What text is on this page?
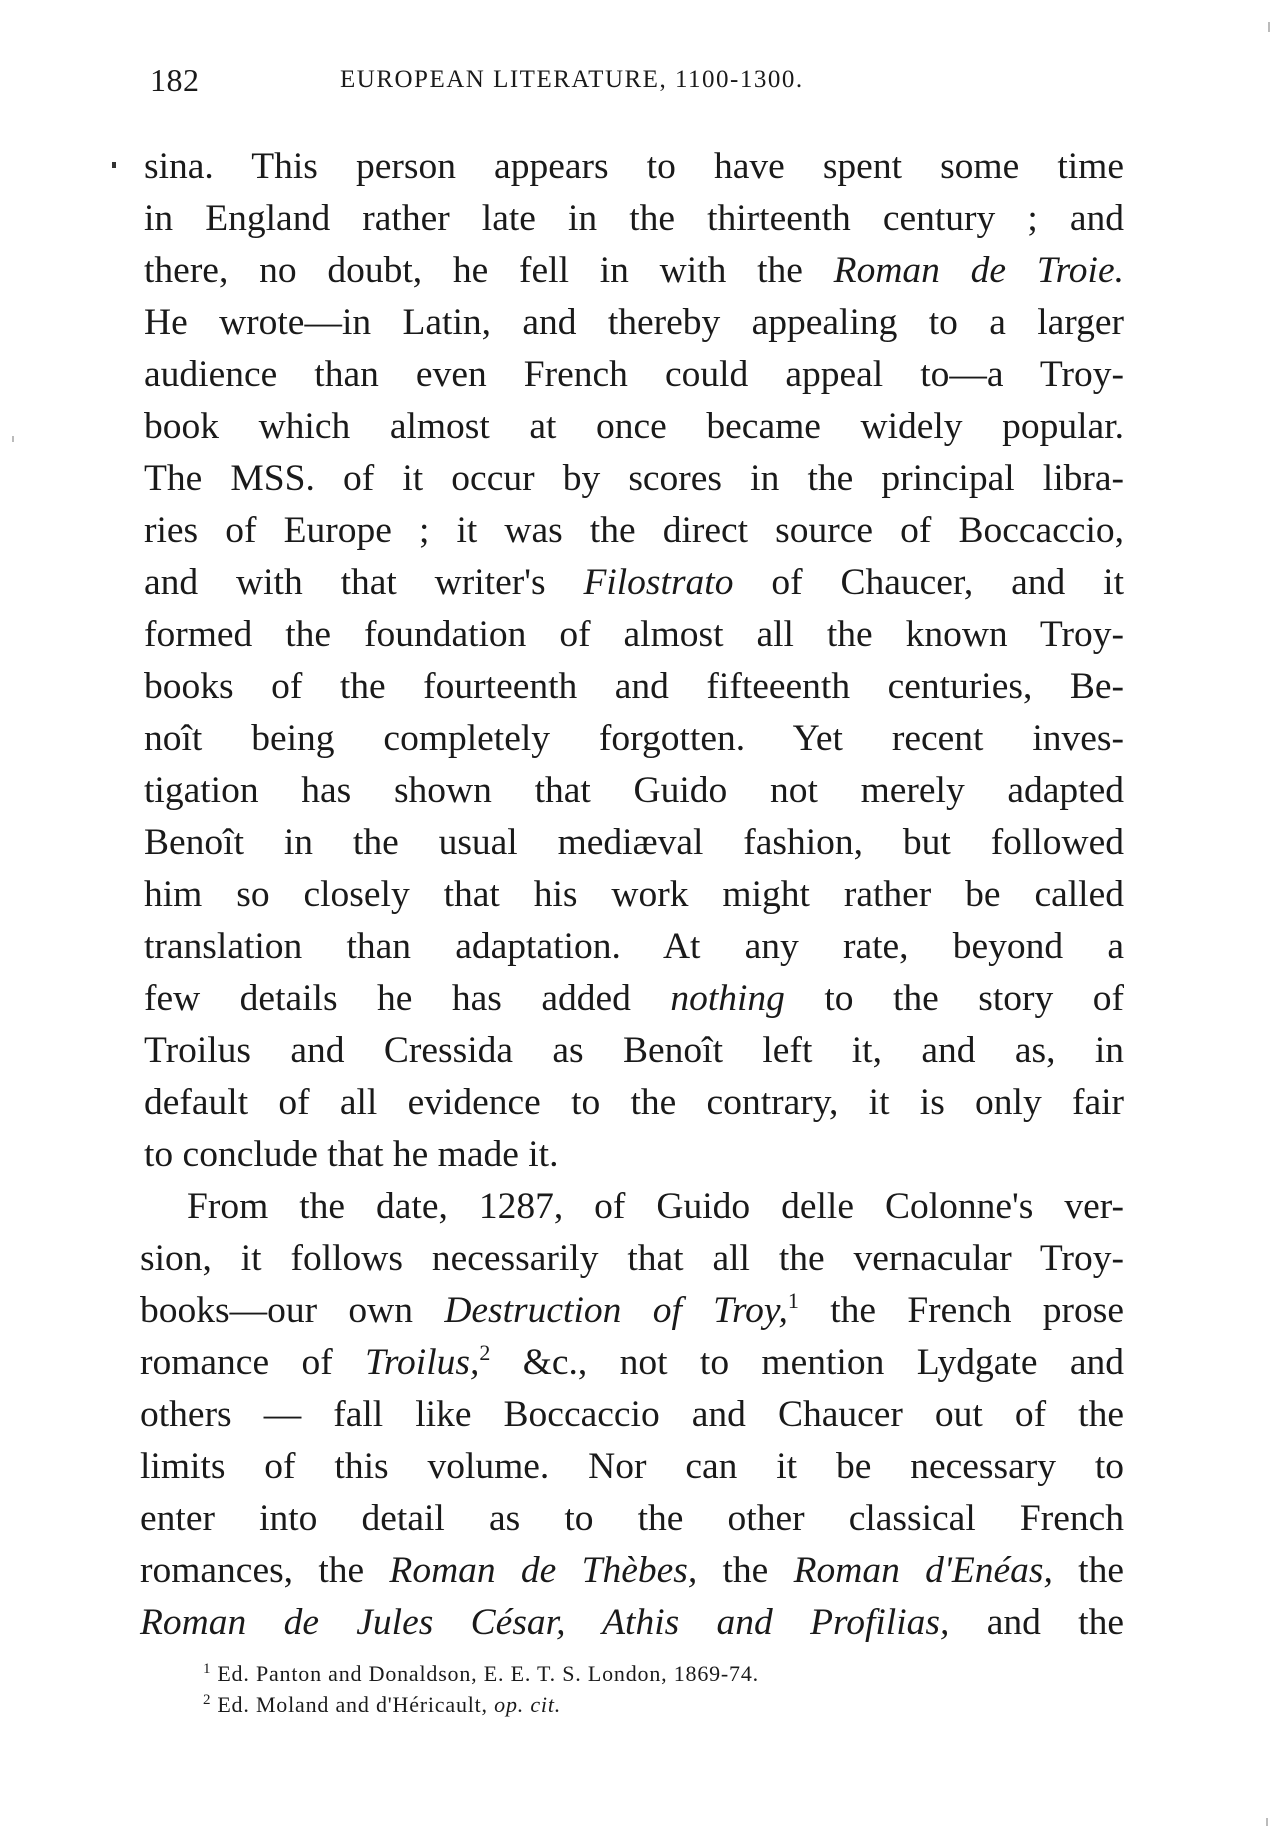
182	EUROPEAN LITERATURE, 1100-1300.
sina. This person appears to have spent some time
in England rather late in the thirteenth century ; and
there, no doubt, he fell in with the Roman de Troie.
He wrote—in Latin, and thereby appealing to a larger
audience than even French could appeal to—a Troy-
book which almost at once became widely popular.
The MSS. of it occur by scores in the principal libra-
ries of Europe ; it was the direct source of Boccaccio,
and with that writer's Filostrato of Chaucer, and it
formed the foundation of almost all the known Troy-
books of the fourteenth and fifteeenth centuries, Be-
noît being completely forgotten. Yet recent inves-
tigation has shown that Guido not merely adapted
Benoît in the usual mediæval fashion, but followed
him so closely that his work might rather be called
translation than adaptation. At any rate, beyond a
few details he has added nothing to the story of
Troilus and Cressida as Benoît left it, and as, in
default of all evidence to the contrary, it is only fair
to conclude that he made it.
From the date, 1287, of Guido delle Colonne's ver-
sion, it follows necessarily that all the vernacular Troy-
books—our own Destruction of Troy,$^1$ the French prose
romance of Troilus,$^2$ &c., not to mention Lydgate and
others — fall like Boccaccio and Chaucer out of the
limits of this volume. Nor can it be necessary to
enter into detail as to the other classical French
romances, the Roman de Thèbes, the Roman d'Enéas, the
Roman de Jules César, Athis and Profilias, and the
$^1$ Ed. Panton and Donaldson, E. E. T. S. London, 1869-74.
$^2$ Ed. Moland and d'Héricault, op. cit.
